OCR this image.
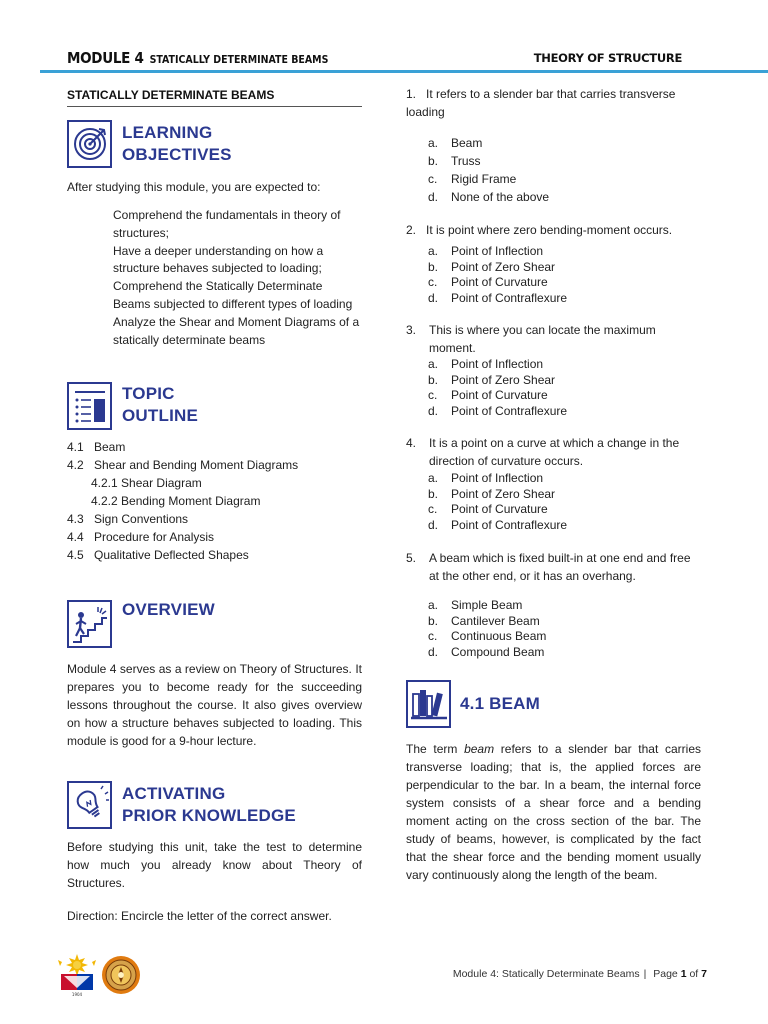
MODULE 4 STATICALLY DETERMINATE BEAMS	THEORY OF STRUCTURE
STATICALLY DETERMINATE BEAMS
LEARNING
OBJECTIVES
After studying this module, you are expected to:
Comprehend the fundamentals in theory of structures;
Have a deeper understanding on how a structure behaves subjected to loading;
Comprehend the Statically Determinate Beams subjected to different types of loading
Analyze the Shear and Moment Diagrams of a statically determinate beams
TOPIC
OUTLINE
4.1 Beam
4.2 Shear and Bending Moment Diagrams
4.2.1 Shear Diagram
4.2.2 Bending Moment Diagram
4.3 Sign Conventions
4.4 Procedure for Analysis
4.5 Qualitative Deflected Shapes
OVERVIEW
Module 4 serves as a review on Theory of Structures. It prepares you to become ready for the succeeding lessons throughout the course. It also gives overview on how a structure behaves subjected to loading. This module is good for a 9-hour lecture.
ACTIVATING
PRIOR KNOWLEDGE
Before studying this unit, take the test to determine how much you already know about Theory of Structures.
Direction: Encircle the letter of the correct answer.
1. It refers to a slender bar that carries transverse loading
a. Beam
b. Truss
c. Rigid Frame
d. None of the above
2. It is point where zero bending-moment occurs.
a. Point of Inflection
b. Point of Zero Shear
c. Point of Curvature
d. Point of Contraflexure
3.	This is where you can locate the maximum moment.
a. Point of Inflection
b. Point of Zero Shear
c. Point of Curvature
d. Point of Contraflexure
4.	It is a point on a curve at which a change in the direction of curvature occurs.
a. Point of Inflection
b. Point of Zero Shear
c. Point of Curvature
d. Point of Contraflexure
5.	A beam which is fixed built-in at one end and free at the other end, or it has an overhang.
a. Simple Beam
b. Cantilever Beam
c. Continuous Beam
d. Compound Beam
4.1 BEAM
The term beam refers to a slender bar that carries transverse loading; that is, the applied forces are perpendicular to the bar. In a beam, the internal force system consists of a shear force and a bending moment acting on the cross section of the bar. The study of beams, however, is complicated by the fact that the shear force and the bending moment usually vary continuously along the length of the beam.
1904
Module 4: Statically Determinate Beams | Page 1 of 7
